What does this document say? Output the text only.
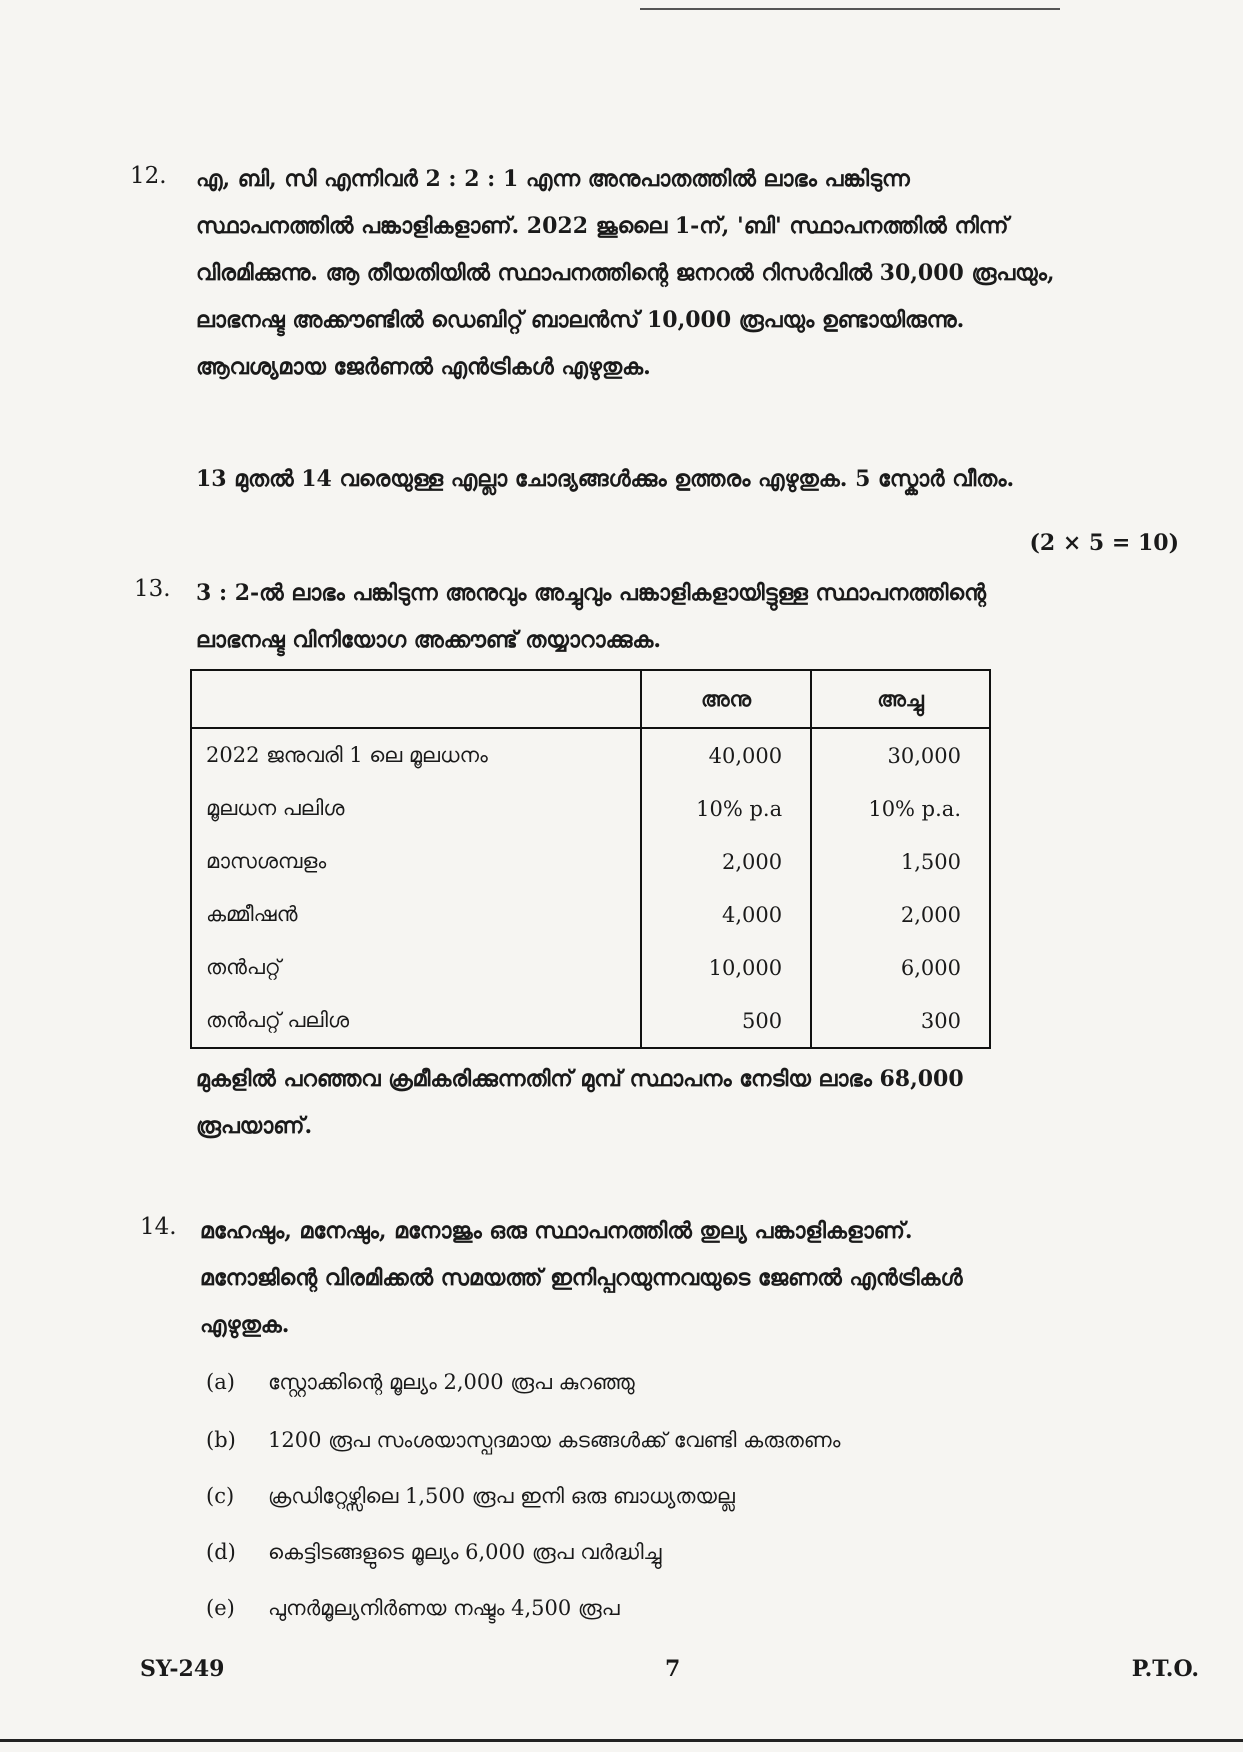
12. എ, ബി, സി എന്നിവർ 2 : 2 : 1 എന്ന അനുപാതത്തിൽ ലാഭം പങ്കിടുന്ന
സ്ഥാപനത്തിൽ പങ്കാളികളാണ്. 2022 ജൂലൈ 1-ന്, 'ബി' സ്ഥാപനത്തിൽ നിന്ന്
വിരമിക്കുന്നു. ആ തീയതിയിൽ സ്ഥാപനത്തിന്റെ ജനറൽ റിസർവിൽ 30,000 രൂപയും,
ലാഭനഷ്ട അക്കൗണ്ടിൽ ഡെബിറ്റ് ബാലൻസ് 10,000 രൂപയും ഉണ്ടായിരുന്നു.
ആവശ്യമായ ജേർണൽ എൻട്രികൾ എഴുതുക.
13 മുതൽ 14 വരെയുള്ള എല്ലാ ചോദ്യങ്ങൾക്കും ഉത്തരം എഴുതുക. 5 സ്കോർ വീതം.
(2 × 5 = 10)
13. 3 : 2-ൽ ലാഭം പങ്കിടുന്ന അനുവും അച്ചുവും പങ്കാളികളായിട്ടുള്ള സ്ഥാപനത്തിന്റെ
ലാഭനഷ്ട വിനിയോഗ അക്കൗണ്ട് തയ്യാറാക്കുക.
	അനു	അച്ചു
2022 ജനുവരി 1 ലെ മൂലധനം	40,000	30,000
മൂലധന പലിശ	10% p.a	10% p.a.
മാസശമ്പളം	2,000	1,500
കമ്മീഷൻ	4,000	2,000
തൻപറ്റ്	10,000	6,000
തൻപറ്റ് പലിശ	500	300
മുകളിൽ പറഞ്ഞവ ക്രമീകരിക്കുന്നതിന് മുമ്പ് സ്ഥാപനം നേടിയ ലാഭം 68,000
രൂപയാണ്.
14. മഹേഷും, മനേഷും, മനോജും ഒരു സ്ഥാപനത്തിൽ തുല്യ പങ്കാളികളാണ്.
മനോജിന്റെ വിരമിക്കൽ സമയത്ത് ഇനിപ്പറയുന്നവയുടെ ജേണൽ എൻട്രികൾ
എഴുതുക.
(a) സ്റ്റോക്കിന്റെ മൂല്യം 2,000 രൂപ കുറഞ്ഞു
(b) 1200 രൂപ സംശയാസ്പദമായ കടങ്ങൾക്ക് വേണ്ടി കരുതണം
(c) ക്രഡിറ്റേഴ്സിലെ 1,500 രൂപ ഇനി ഒരു ബാധ്യതയല്ല
(d) കെട്ടിടങ്ങളുടെ മൂല്യം 6,000 രൂപ വർദ്ധിച്ചു
(e) പുനർമൂല്യനിർണയ നഷ്ടം 4,500 രൂപ
SY-249	7	P.T.O.
